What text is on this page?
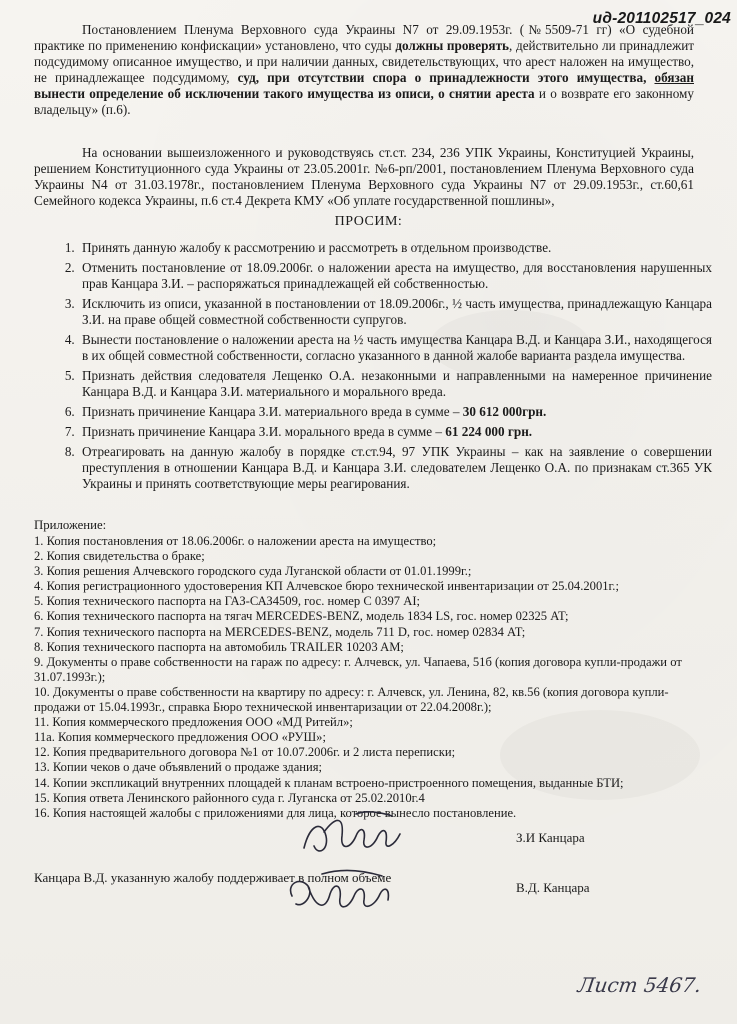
ид-201102517_024

Постановлением Пленума Верховного суда Украины N7 от 29.09.1953г. (№5509-71 гг) «О судебной практике по применению конфискации» установлено, что суды должны проверять, действительно ли принадлежит подсудимому описанное имущество, и при наличии данных, свидетельствующих, что арест наложен на имущество, не принадлежащее подсудимому, суд, при отсутствии спора о принадлежности этого имущества, обязан вынести определение об исключении такого имущества из описи, о снятии ареста и о возврате его законному владельцу» (п.6).

На основании вышеизложенного и руководствуясь ст.ст. 234, 236 УПК Украины, Конституцией Украины, решением Конституционного суда Украины от 23.05.2001г. №6-рп/2001, постановлением Пленума Верховного суда Украины N4 от 31.03.1978г., постановлением Пленума Верховного суда Украины N7 от 29.09.1953г., ст.60,61 Семейного кодекса Украины, п.6 ст.4 Декрета КМУ «Об уплате государственной пошлины»,

ПРОСИМ:
1. Принять данную жалобу к рассмотрению и рассмотреть в отдельном производстве.
2. Отменить постановление от 18.09.2006г. о наложении ареста на имущество, для восстановления нарушенных прав Канцара З.И. – распоряжаться принадлежащей ей собственностью.
3. Исключить из описи, указанной в постановлении от 18.09.2006г., ½ часть имущества, принадлежащую Канцара З.И. на праве общей совместной собственности супругов.
4. Вынести постановление о наложении ареста на ½ часть имущества Канцара В.Д. и Канцара З.И., находящегося в их общей совместной собственности, согласно указанного в данной жалобе варианта раздела имущества.
5. Признать действия следователя Лещенко О.А. незаконными и направленными на намеренное причинение Канцара В.Д. и Канцара З.И. материального и морального вреда.
6. Признать причинение Канцара З.И. материального вреда в сумме – 30 612 000грн.
7. Признать причинение Канцара З.И. морального вреда в сумме – 61 224 000 грн.
8. Отреагировать на данную жалобу в порядке ст.ст.94, 97 УПК Украины – как на заявление о совершении преступления в отношении Канцара В.Д. и Канцара З.И. следователем Лещенко О.А. по признакам ст.365 УК Украины и принять соответствующие меры реагирования.
Приложение:
1. Копия постановления от 18.06.2006г. о наложении ареста на имущество;
2. Копия свидетельства о браке;
3. Копия решения Алчевского городского суда Луганской области от 01.01.1999г.;
4. Копия регистрационного удостоверения КП Алчевское бюро технической инвентаризации от 25.04.2001г.;
5. Копия технического паспорта на ГАЗ-САЗ4509, гос. номер С 0397 AI;
6. Копия технического паспорта на тягач MERCEDES-BENZ, модель 1834 LS, гос. номер 02325 AT;
7. Копия технического паспорта на MERCEDES-BENZ, модель 711 D, гос. номер 02834 AT;
8. Копия технического паспорта на автомобиль TRAILER 10203 AM;
9. Документы о праве собственности на гараж по адресу: г. Алчевск, ул. Чапаева, 51б (копия договора купли-продажи от 31.07.1993г.);
10. Документы о праве собственности на квартиру по адресу: г. Алчевск, ул. Ленина, 82, кв.56 (копия договора купли-продажи от 15.04.1993г., справка Бюро технической инвентаризации от 22.04.2008г.);
11. Копия коммерческого предложения ООО «МД Ритейл»;
11а. Копия коммерческого предложения ООО «РУШ»;
12. Копия предварительного договора №1 от 10.07.2006г. и 2 листа переписки;
13. Копии чеков о даче объявлений о продаже здания;
14. Копии экспликаций внутренних площадей к планам встроено-пристроенного помещения, выданные БТИ;
15. Копия ответа Ленинского районного суда г. Луганска от 25.02.2010г.4
16. Копия настоящей жалобы с приложениями для лица, которое вынесло постановление.
З.И Канцара
Канцара В.Д. указанную жалобу поддерживает в полном объеме
В.Д. Канцара
Лист 5467.
